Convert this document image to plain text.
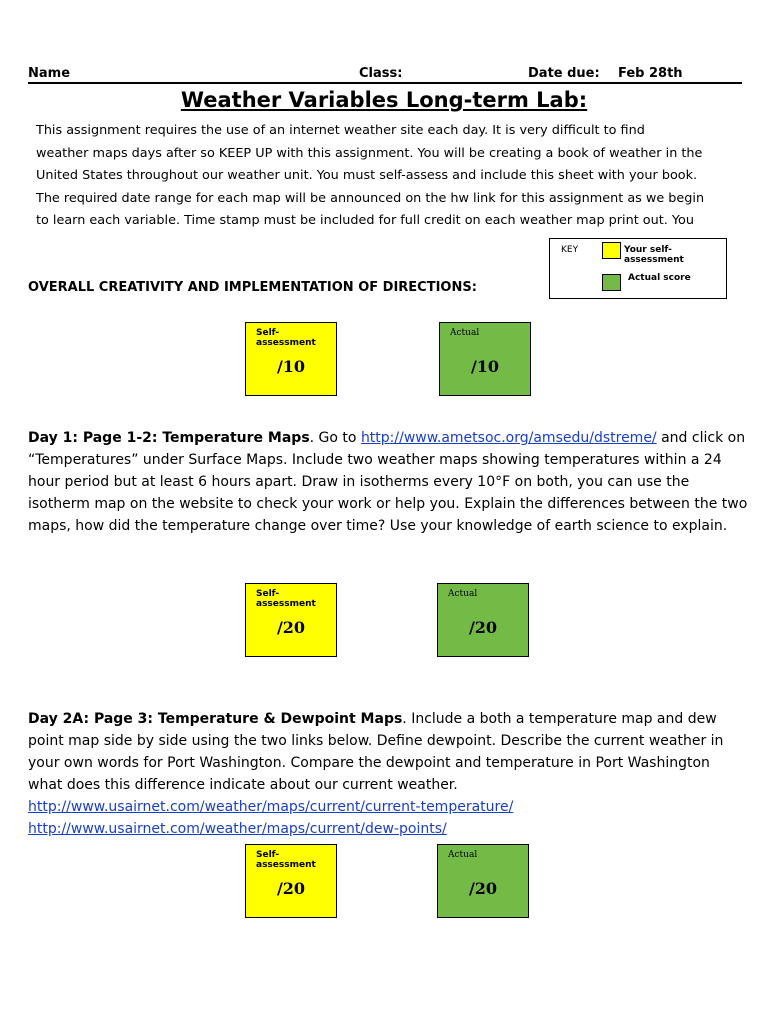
Name	Class:	Date due: Feb 28th
Weather Variables Long-term Lab:
This assignment requires the use of an internet weather site each day. It is very difficult to find
weather maps days after so KEEP UP with this assignment. You will be creating a book of weather in the
United States throughout our weather unit. You must self-assess and include this sheet with your book.
The required date range for each map will be announced on the hw link for this assignment as we begin
to learn each variable. Time stamp must be included for full credit on each weather map print out. You
KEY	Your self-assessment
Actual score
OVERALL CREATIVITY AND IMPLEMENTATION OF DIRECTIONS:
Self-assessment
/10
Actual
/10

Day 1: Page 1-2: Temperature Maps. Go to http://www.ametsoc.org/amsedu/dstreme/ and click on “Temperatures” under Surface Maps. Include two weather maps showing temperatures within a 24 hour period but at least 6 hours apart. Draw in isotherms every 10°F on both, you can use the isotherm map on the website to check your work or help you. Explain the differences between the two maps, how did the temperature change over time? Use your knowledge of earth science to explain.

Self-assessment
/20
Actual
/20

Day 2A: Page 3: Temperature & Dewpoint Maps. Include a both a temperature map and dew point map side by side using the two links below. Define dewpoint. Describe the current weather in your own words for Port Washington. Compare the dewpoint and temperature in Port Washington what does this difference indicate about our current weather.
http://www.usairnet.com/weather/maps/current/current-temperature/
http://www.usairnet.com/weather/maps/current/dew-points/

Self-assessment
/20
Actual
/20
